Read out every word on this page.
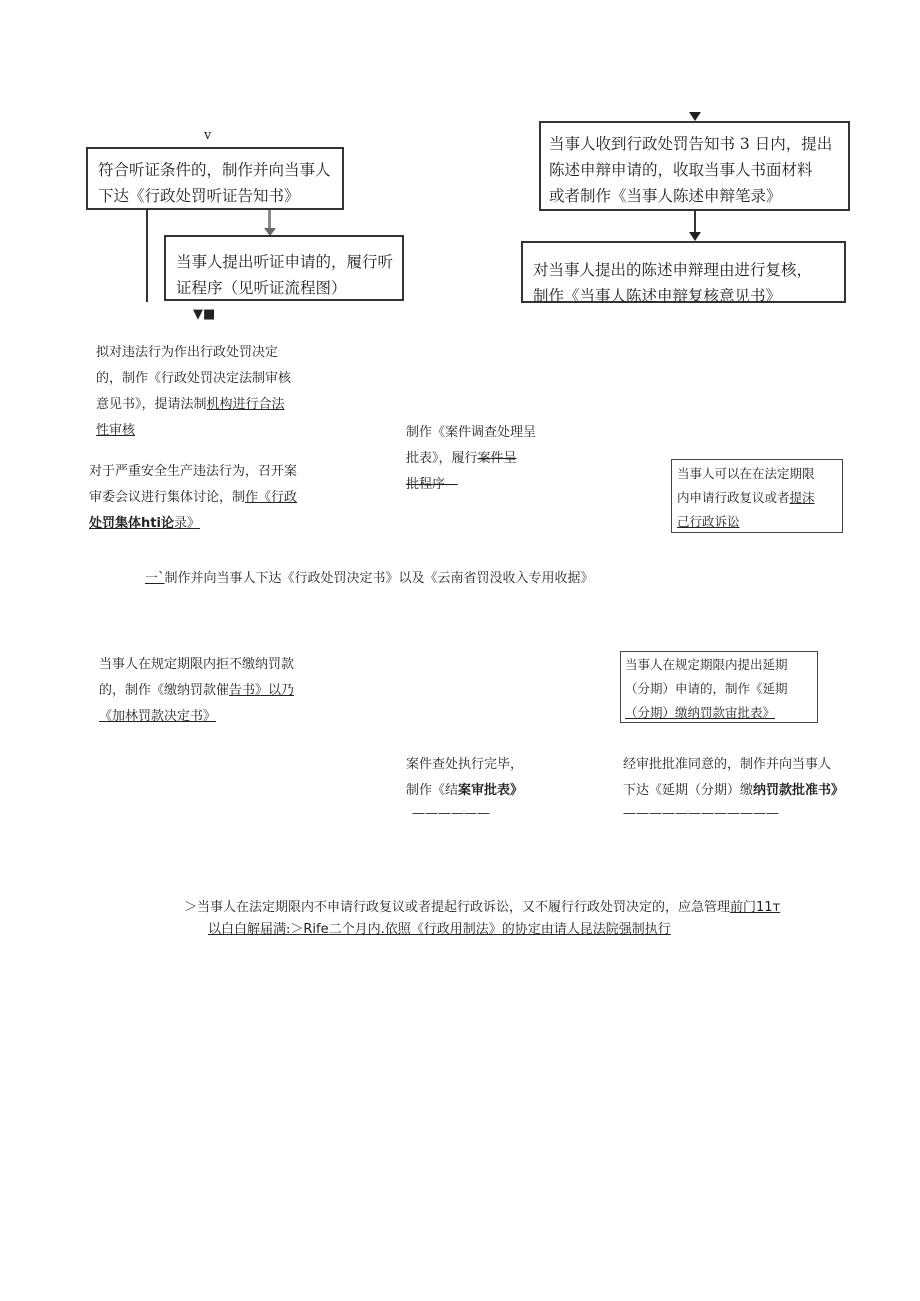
v
符合听证条件的，制作并向当事人
下达《行政处罚听证告知书》
当事人提出听证申请的，履行听
证程序（见听证流程图）
▼■
当事人收到行政处罚告知书 3 日内，提出
陈述申辩申请的，收取当事人书面材料
或者制作《当事人陈述申辩笔录》
对当事人提出的陈述申辩理由进行复核，
制作《当事人陈述申辩复核意见书》
拟对违法行为作出行政处罚决定
的，制作《行政处罚决定法制审核
意见书》，提请法制机构进行合法
性审核	制作《案件调查处理呈
批表》，履行案件呈
批程序—
对于严重安全生产违法行为，召开案
审委会议进行集体讨论，制作《行政
处罚集体hti论录》
当事人可以在在法定期限
内申请行政复议或者提沫
己行政诉讼
一`制作并向当事人下达《行政处罚决定书》以及《云南省罚没收入专用收据》
当事人在规定期限内拒不缴纳罚款
的，制作《缴纳罚款催告书》以乃
《加林罚款决定书》
当事人在规定期限内提出延期
（分期）申请的，制作《延期
（分期）缴纳罚款宙批表》
案件查处执行完毕，
制作《结案审批表》
——————
经审批批准同意的，制作并向当事人
下达《延期（分期）缴纳罚款批准书》
————————————
＞当事人在法定期限内不申请行政复议或者提起行政诉讼，又不履行行政处罚决定的，应急管理前门11т
以白白解届满:＞Rife二个月内.依照《行政用制法》的协定由请人昆法院强制执行
